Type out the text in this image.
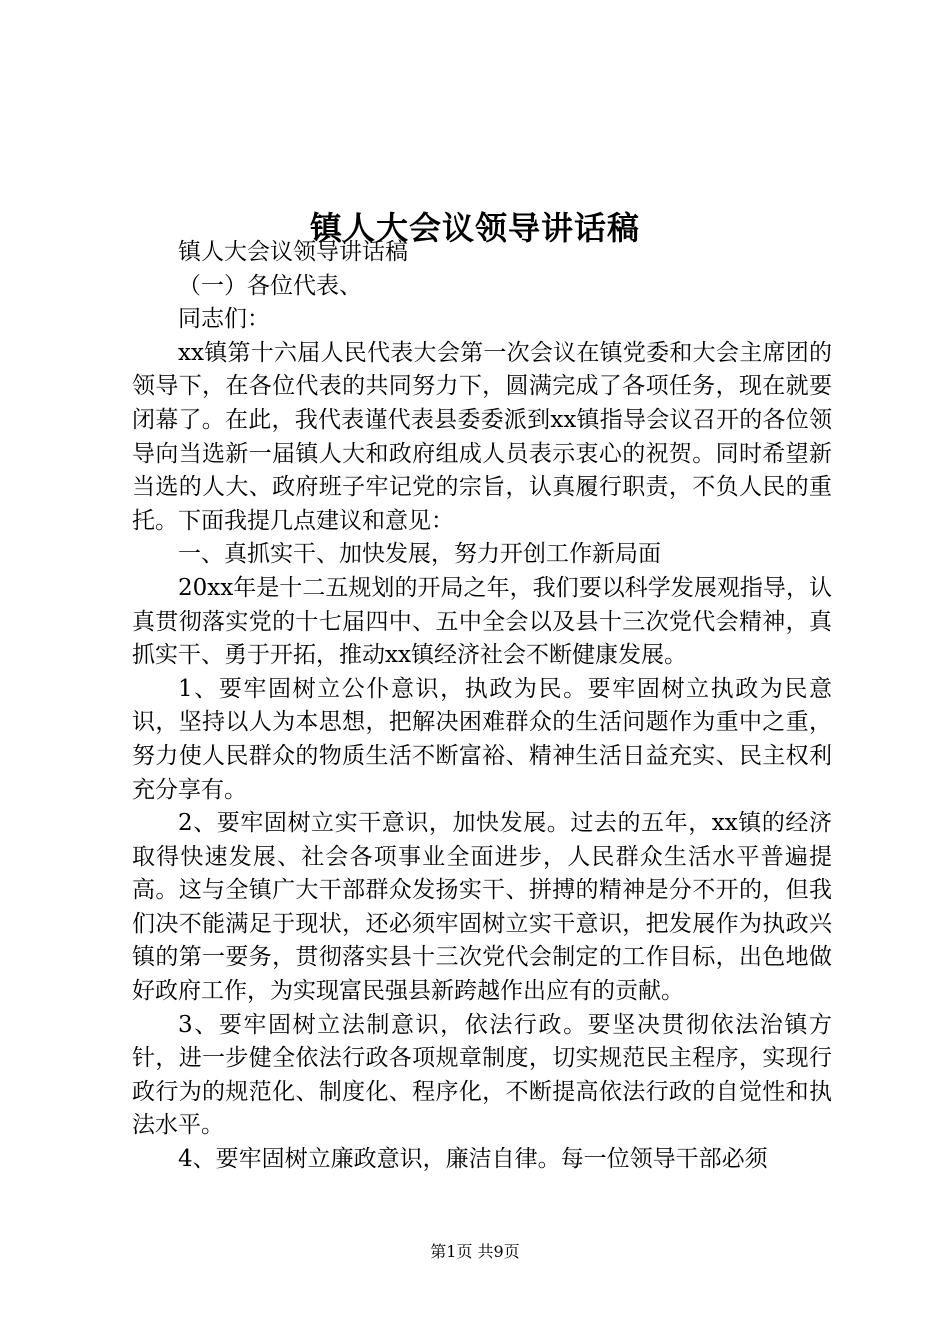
镇人大会议领导讲话稿

镇人大会议领导讲话稿

（一）各位代表、

同志们：

xx镇第十六届人民代表大会第一次会议在镇党委和大会主席团的领导下，在各位代表的共同努力下，圆满完成了各项任务，现在就要闭幕了。在此，我代表谨代表县委委派到xx镇指导会议召开的各位领导向当选新一届镇人大和政府组成人员表示衷心的祝贺。同时希望新当选的人大、政府班子牢记党的宗旨，认真履行职责，不负人民的重托。下面我提几点建议和意见：

一、真抓实干、加快发展，努力开创工作新局面

20xx年是十二五规划的开局之年，我们要以科学发展观指导，认真贯彻落实党的十七届四中、五中全会以及县十三次党代会精神，真抓实干、勇于开拓，推动xx镇经济社会不断健康发展。

1、要牢固树立公仆意识，执政为民。要牢固树立执政为民意识，坚持以人为本思想，把解决困难群众的生活问题作为重中之重，努力使人民群众的物质生活不断富裕、精神生活日益充实、民主权利充分享有。

2、要牢固树立实干意识，加快发展。过去的五年，xx镇的经济取得快速发展、社会各项事业全面进步，人民群众生活水平普遍提高。这与全镇广大干部群众发扬实干、拼搏的精神是分不开的，但我们决不能满足于现状，还必须牢固树立实干意识，把发展作为执政兴镇的第一要务，贯彻落实县十三次党代会制定的工作目标，出色地做好政府工作，为实现富民强县新跨越作出应有的贡献。

3、要牢固树立法制意识，依法行政。要坚决贯彻依法治镇方针，进一步健全依法行政各项规章制度，切实规范民主程序，实现行政行为的规范化、制度化、程序化，不断提高依法行政的自觉性和执法水平。

4、要牢固树立廉政意识，廉洁自律。每一位领导干部必须

第1页 共9页
